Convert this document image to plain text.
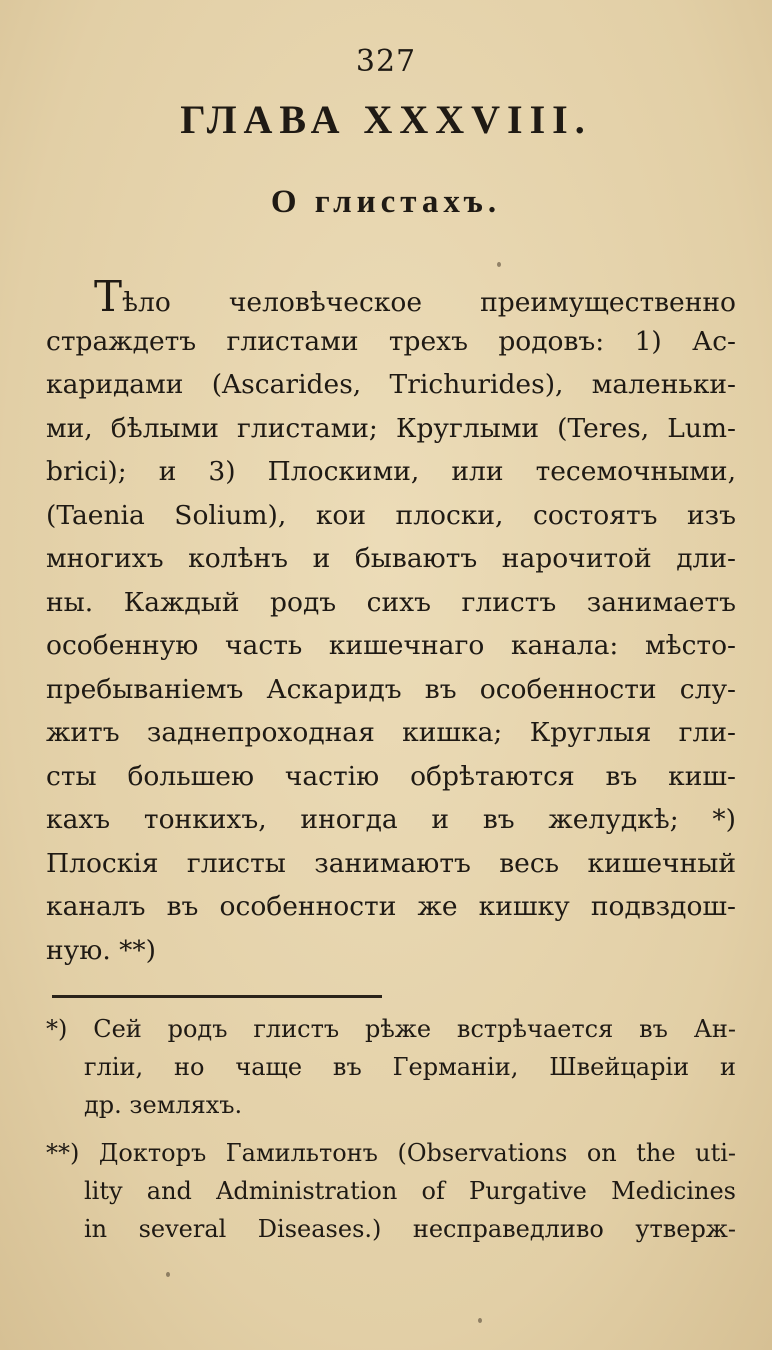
327
ГЛАВА XXXVIII.
О глистахъ.
Тѣло человѣческое преимущественно
страждетъ глистами трехъ родовъ: 1) Ас-
каридами (Ascarides, Trichurides), маленьки-
ми, бѣлыми глистами; Круглыми (Teres, Lum-
brici); и 3) Плоскими, или тесемочными,
(Taenia Solium), кои плоски, состоятъ изъ
многихъ колѣнъ и бываютъ нарочитой дли-
ны. Каждый родъ сихъ глистъ занимаетъ
особенную часть кишечнаго канала: мѣсто-
пребываніемъ Аскаридъ въ особенности слу-
житъ заднепроходная кишка; Круглыя гли-
сты большею частію обрѣтаются въ киш-
кахъ тонкихъ, иногда и въ желудкѣ; *)
Плоскія глисты занимаютъ весь кишечный
каналъ въ особенности же кишку подвздош-
ную. **)
*) Сей родъ глистъ рѣже встрѣчается въ Ан-
гліи, но чаще въ Германіи, Швейцаріи и
др. земляхъ.
**) Докторъ Гамильтонъ (Observations on the uti-
lity and Administration of Purgative Medicines
in several Diseases.) несправедливо утверж-
